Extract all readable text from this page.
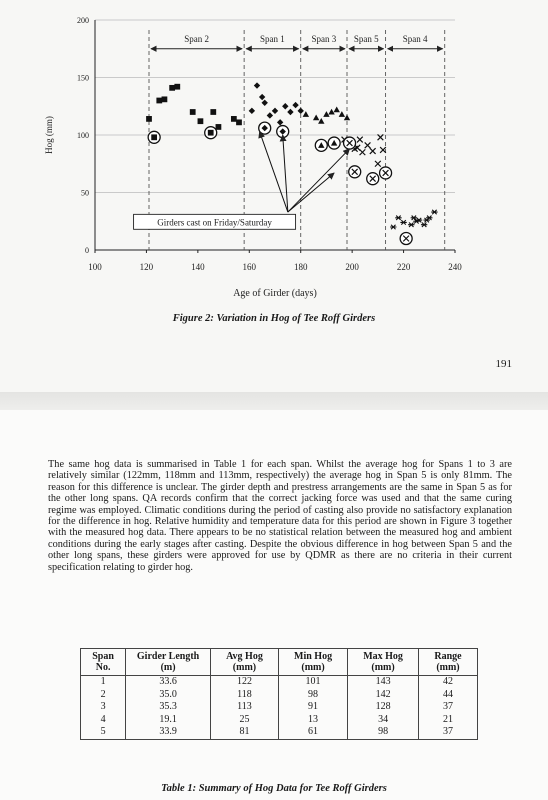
0
50
100
150
200
100	120	140	160	180	200	220	240
Age of Girder (days)
Hog (mm)
Span 2	Span 1	Span 3 Span 5	Span 4
Girders cast on Friday/Saturday
Figure 2: Variation in Hog of Tee Roff Girders
191

The same hog data is summarised in Table 1 for each span. Whilst the average hog for Spans 1 to 3 are relatively similar (122mm, 118mm and 113mm, respectively) the average hog in Span 5 is only 81mm. The reason for this difference is unclear. The girder depth and prestress arrangements are the same in Span 5 as for the other long spans. QA records confirm that the correct jacking force was used and that the same curing regime was employed. Climatic conditions during the period of casting also provide no satisfactory explanation for the difference in hog. Relative humidity and temperature data for this period are shown in Figure 3 together with the measured hog data. There appears to be no statistical relation between the measured hog and ambient conditions during the early stages after casting. Despite the obvious difference in hog between Span 5 and the other long spans, these girders were approved for use by QDMR as there are no criteria in their current specification relating to girder hog.

Span No.	Girder Length (m)	Avg Hog (mm)	Min Hog (mm)	Max Hog (mm)	Range (mm)
1	33.6	122	101	143	42
2	35.0	118	98	142	44
3	35.3	113	91	128	37
4	19.1	25	13	34	21
5	33.9	81	61	98	37
Table 1: Summary of Hog Data for Tee Roff Girders
